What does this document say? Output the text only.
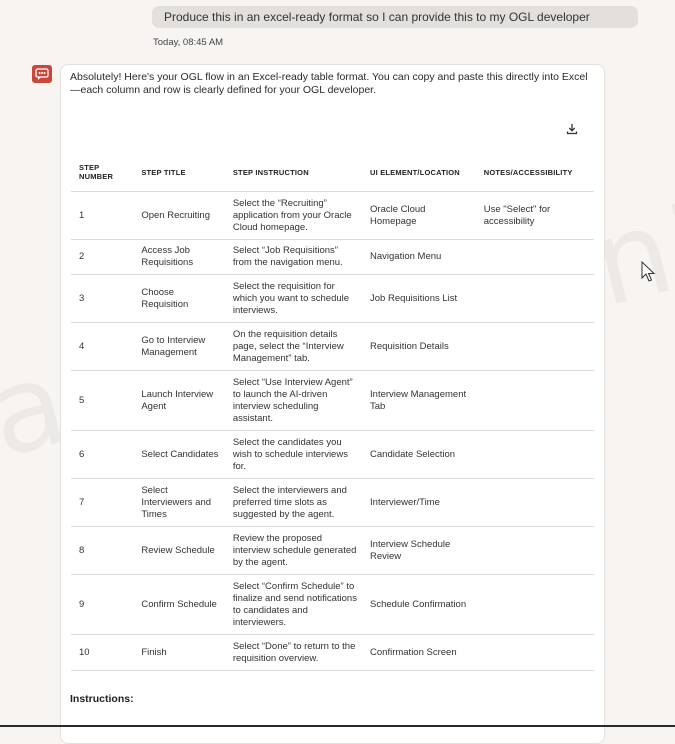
Produce this in an excel-ready format so I can provide this to my OGL developer
Today, 08:45 AM
Absolutely! Here's your OGL flow in an Excel-ready table format. You can copy and paste this directly into Excel —each column and row is clearly defined for your OGL developer.
STEP NUMBER	STEP TITLE	STEP INSTRUCTION	UI ELEMENT/LOCATION	NOTES/ACCESSIBILITY
1	Open Recruiting	Select the “Recruiting” application from your Oracle Cloud homepage.	Oracle Cloud Homepage	Use "Select" for accessibility
2	Access Job Requisitions	Select “Job Requisitions” from the navigation menu.	Navigation Menu	
3	Choose Requisition	Select the requisition for which you want to schedule interviews.	Job Requisitions List	
4	Go to Interview Management	On the requisition details page, select the “Interview Management” tab.	Requisition Details	
5	Launch Interview Agent	Select “Use Interview Agent” to launch the AI-driven interview scheduling assistant.	Interview Management Tab	
6	Select Candidates	Select the candidates you wish to schedule interviews for.	Candidate Selection	
7	Select Interviewers and Times	Select the interviewers and preferred time slots as suggested by the agent.	Interviewer/Time	
8	Review Schedule	Review the proposed interview schedule generated by the agent.	Interview Schedule Review	
9	Confirm Schedule	Select “Confirm Schedule” to finalize and send notifications to candidates and interviewers.	Schedule Confirmation	
10	Finish	Select “Done” to return to the requisition overview.	Confirmation Screen	
Instructions:
